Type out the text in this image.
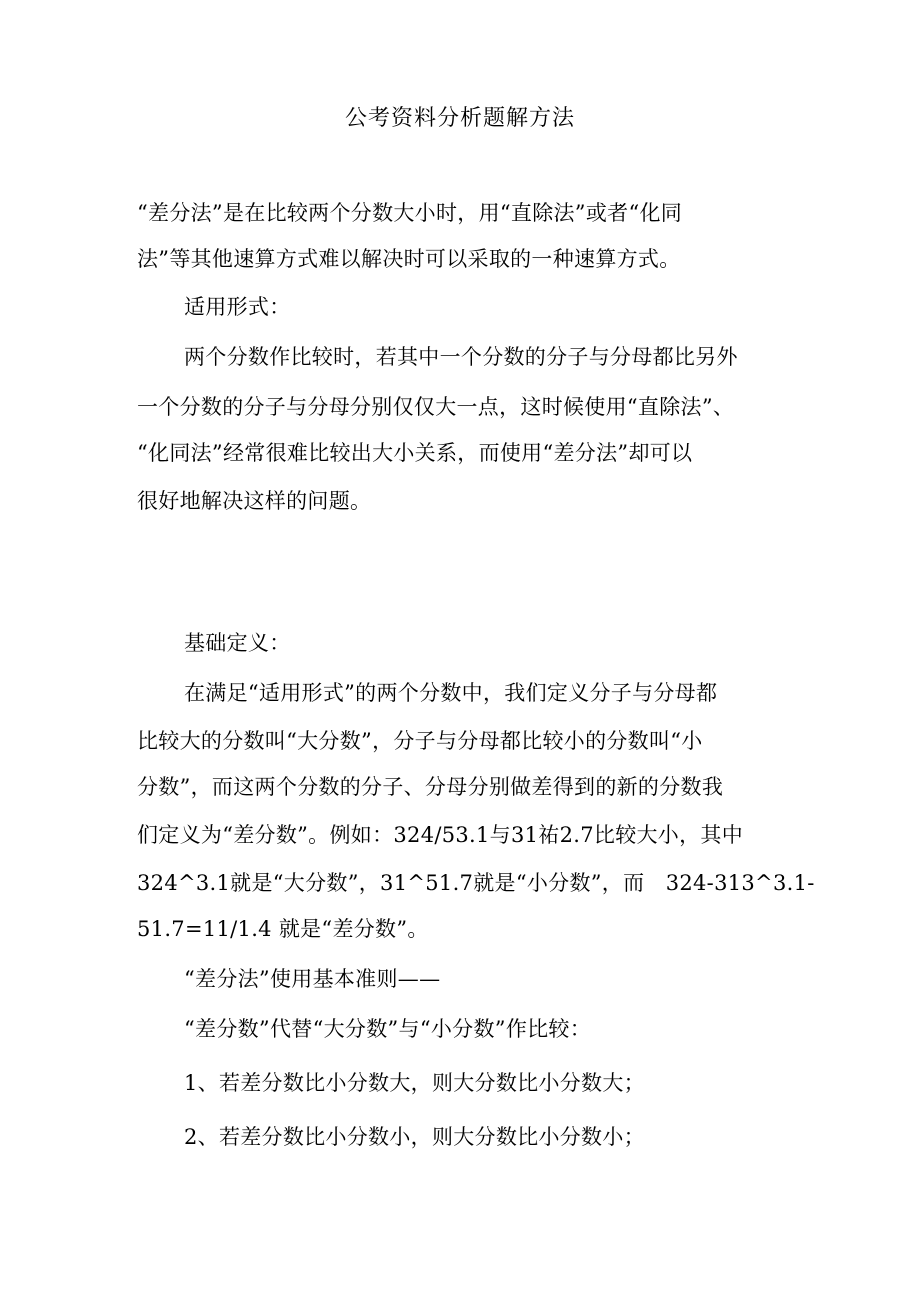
公考资料分析题解方法
“差分法”是在比较两个分数大小时，用“直除法”或者“化同
法”等其他速算方式难以解决时可以采取的一种速算方式。
适用形式：
两个分数作比较时，若其中一个分数的分子与分母都比另外
一个分数的分子与分母分别仅仅大一点，这时候使用“直除法”、
“化同法”经常很难比较出大小关系，而使用“差分法”却可以
很好地解决这样的问题。
基础定义：
在满足“适用形式”的两个分数中，我们定义分子与分母都
比较大的分数叫“大分数”，分子与分母都比较小的分数叫“小
分数”，而这两个分数的分子、分母分别做差得到的新的分数我
们定义为“差分数”。例如：324/53.1与31祐2.7比较大小，其中
324^3.1就是“大分数”，31^51.7就是“小分数”，而　324-313^3.1-
51.7=11/1.4 就是“差分数”。
“差分法”使用基本准则——
“差分数”代替“大分数”与“小分数”作比较：
1、若差分数比小分数大，则大分数比小分数大；
2、若差分数比小分数小，则大分数比小分数小；
